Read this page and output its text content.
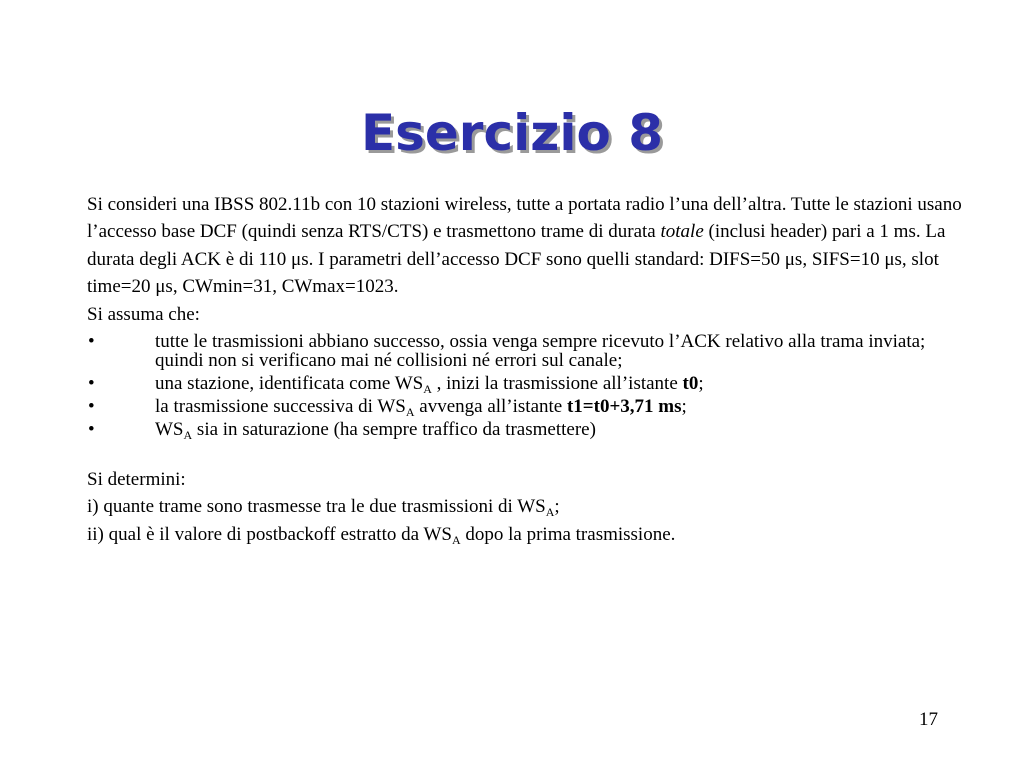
Esercizio 8

Si consideri una IBSS 802.11b con 10 stazioni wireless, tutte a portata radio l’una dell’altra. Tutte le stazioni usano l’accesso base DCF (quindi senza RTS/CTS) e trasmettono trame di durata totale (inclusi header) pari a 1 ms. La durata degli ACK è di 110 μs. I parametri dell’accesso DCF sono quelli standard: DIFS=50 μs, SIFS=10 μs, slot time=20 μs, CWmin=31, CWmax=1023.

Si assuma che:

•	tutte le trasmissioni abbiano successo, ossia venga sempre ricevuto l’ACK relativo alla trama inviata; quindi non si verificano mai né collisioni né errori sul canale;
•	una stazione, identificata come $WS_A$ , inizi la trasmissione all’istante t0;
•	la trasmissione successiva di $WS_A$ avvenga all’istante t1=t0+3,71 ms;
•	$WS_A$ sia in saturazione (ha sempre traffico da trasmettere)

Si determini:

i) quante trame sono trasmesse tra le due trasmissioni di $WS_A$;

ii) qual è il valore di postbackoff estratto da $WS_A$ dopo la prima trasmissione.

17
